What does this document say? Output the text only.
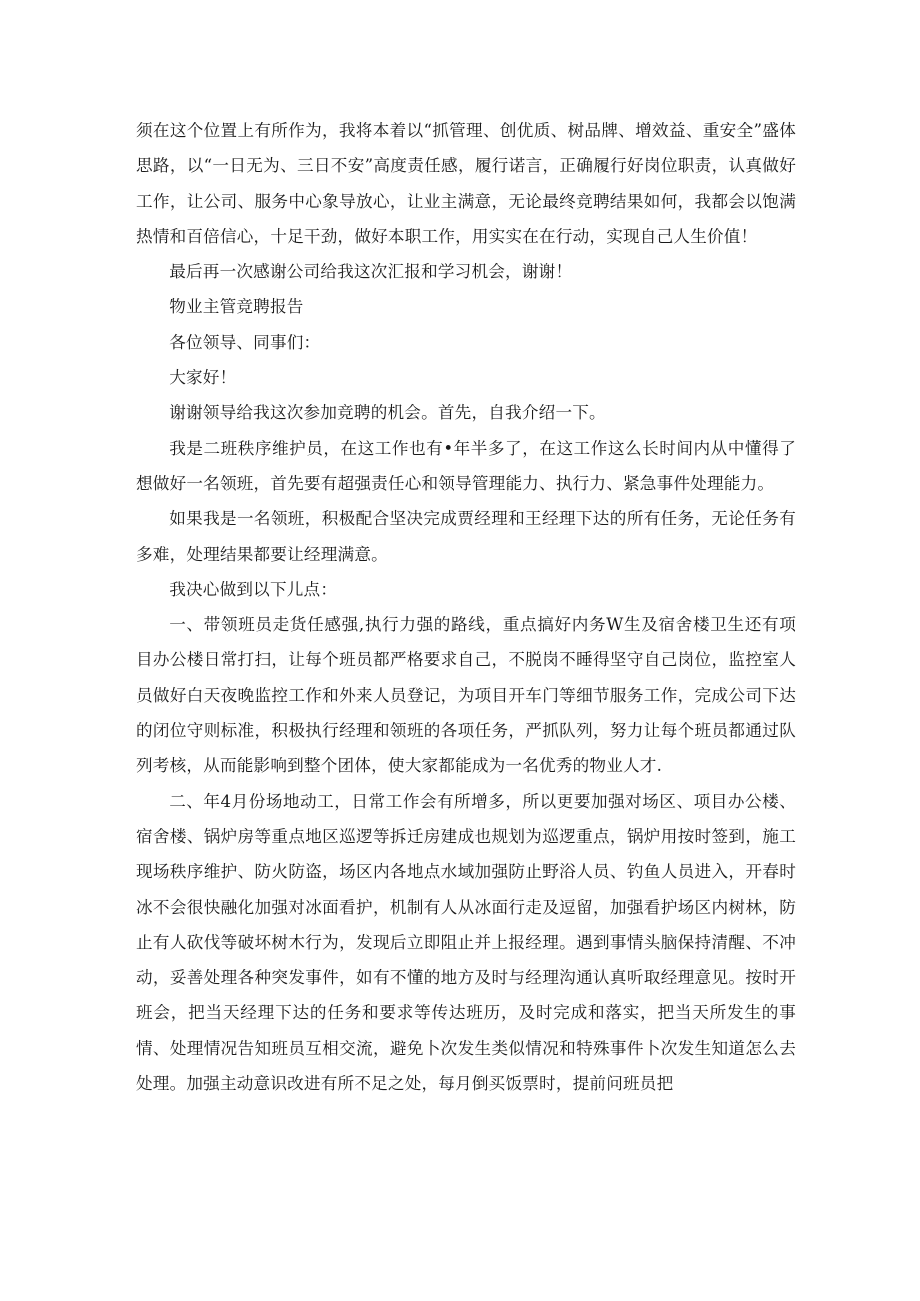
须在这个位置上有所作为，我将本着以“抓管理、创优质、树品牌、增效益、重安全”盛体思路，以“一日无为、三日不安”高度责任感，履行诺言，正确履行好岗位职责，认真做好工作，让公司、服务中心象导放心，让业主满意，无论最终竞聘结果如何，我都会以饱满热情和百倍信心，十足干劲，做好本职工作，用实实在在行动，实现自己人生价值！

最后再一次感谢公司给我这次汇报和学习机会，谢谢！

物业主管竞聘报告

各位领导、同事们：

大家好！

谢谢领导给我这次参加竞聘的机会。首先，自我介绍一下。

我是二班秩序维护员，在这工作也有•年半多了，在这工作这么长时间内从中懂得了想做好一名领班，首先要有超强责任心和领导管理能力、执行力、紧急事件处理能力。

如果我是一名领班，积极配合坚决完成贾经理和王经理下达的所有任务，无论任务有多难，处理结果都要让经理满意。

我决心做到以下儿点：

一、带领班员走货任感强,执行力强的路线，重点搞好内务W生及宿舍楼卫生还有项目办公楼日常打扫，让每个班员都严格要求自己，不脱岗不睡得坚守自己岗位，监控室人员做好白天夜晚监控工作和外来人员登记，为项目开车门等细节服务工作，完成公司下达的闭位守则标准，积极执行经理和领班的各项任务，严抓队列，努力让每个班员都通过队列考核，从而能影响到整个团体，使大家都能成为一名优秀的物业人才.

二、年4月份场地动工，日常工作会有所增多，所以更要加强对场区、项目办公楼、宿舍楼、锅炉房等重点地区巡逻等拆迁房建成也规划为巡逻重点，锅炉用按时签到，施工现场秩序维护、防火防盗，场区内各地点水域加强防止野浴人员、钓鱼人员进入，开春时冰不会很快融化加强对冰面看护，机制有人从冰面行走及逗留，加强看护场区内树林，防止有人砍伐等破坏树木行为，发现后立即阻止并上报经理。遇到事情头脑保持清醒、不冲动，妥善处理各种突发事件，如有不懂的地方及时与经理沟通认真听取经理意见。按时开班会，把当天经理下达的任务和要求等传达班历，及时完成和落实，把当天所发生的事情、处理情况告知班员互相交流，避免卜次发生类似情况和特殊事件卜次发生知道怎么去处理。加强主动意识改进有所不足之处，每月倒买饭票时，提前问班员把
